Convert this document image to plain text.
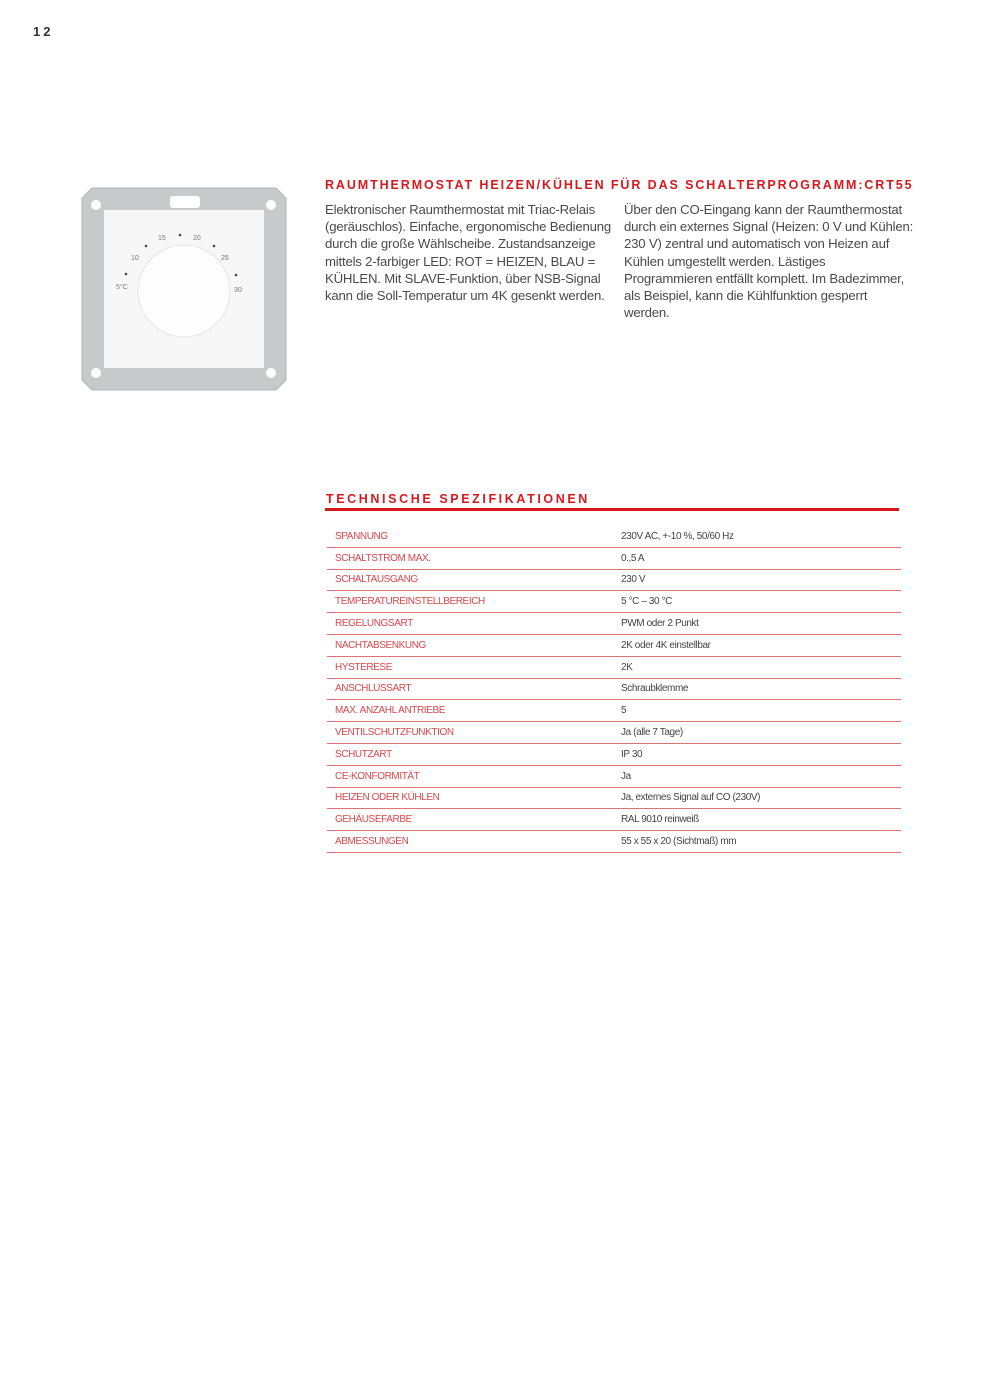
12
5°C
10
15	20
25
30
RAUMTHERMOSTAT HEIZEN/KÜHLEN FÜR DAS SCHALTERPROGRAMM:CRT55

Elektronischer Raumthermostat mit Triac-Relais (geräuschlos). Einfache, ergonomische Bedienung durch die große Wählscheibe. Zustandsanzeige mittels 2-farbiger LED: ROT = HEIZEN, BLAU = KÜHLEN. Mit SLAVE-Funktion, über NSB-Signal kann die Soll-Temperatur um 4K gesenkt werden.

Über den CO-Eingang kann der Raumthermostat durch ein externes Signal (Heizen: 0 V und Kühlen: 230 V) zentral und automatisch von Heizen auf Kühlen umgestellt werden. Lästiges Programmieren entfällt komplett. Im Badezimmer, als Beispiel, kann die Kühlfunktion gesperrt werden.

TECHNISCHE SPEZIFIKATIONEN
SPANNUNG	230V AC, +-10 %, 50/60 Hz
SCHALTSTROM MAX.	0.,5 A
SCHALTAUSGANG	230 V
TEMPERATUREINSTELLBEREICH	5 °C – 30 °C
REGELUNGSART	PWM oder 2 Punkt
NACHTABSENKUNG	2K oder 4K einstellbar
HYSTERESE	2K
ANSCHLUSSART	Schraubklemme
MAX. ANZAHL ANTRIEBE	5
VENTILSCHUTZFUNKTION	Ja (alle 7 Tage)
SCHUTZART	IP 30
CE-KONFORMITÄT	Ja
HEIZEN ODER KÜHLEN	Ja, externes Signal auf CO (230V)
GEHÄUSEFARBE	RAL 9010 reinweiß
ABMESSUNGEN	55 x 55 x 20 (Sichtmaß) mm
